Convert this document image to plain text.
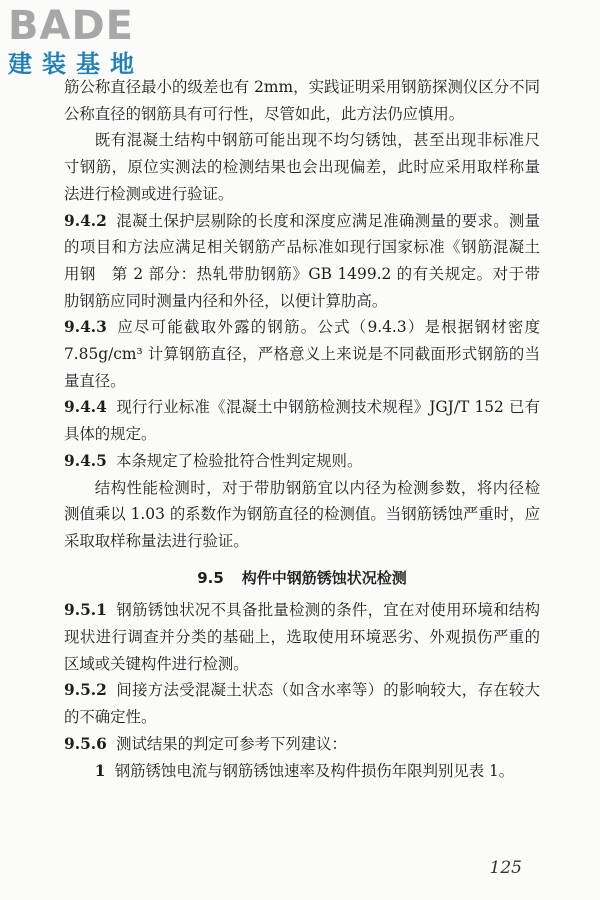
BADE
建装基地

筋公称直径最小的级差也有 2mm，实践证明采用钢筋探测仪区分不同公称直径的钢筋具有可行性，尽管如此，此方法仍应慎用。

既有混凝土结构中钢筋可能出现不均匀锈蚀，甚至出现非标准尺寸钢筋，原位实测法的检测结果也会出现偏差，此时应采用取样称量法进行检测或进行验证。

9.4.2 混凝土保护层剔除的长度和深度应满足准确测量的要求。测量的项目和方法应满足相关钢筋产品标准如现行国家标准《钢筋混凝土用钢　第 2 部分：热轧带肋钢筋》GB 1499.2 的有关规定。对于带肋钢筋应同时测量内径和外径，以便计算肋高。

9.4.3 应尽可能截取外露的钢筋。公式（9.4.3）是根据钢材密度 7.85g/cm³ 计算钢筋直径，严格意义上来说是不同截面形式钢筋的当量直径。

9.4.4 现行行业标准《混凝土中钢筋检测技术规程》JGJ/T 152 已有具体的规定。

9.4.5 本条规定了检验批符合性判定规则。

结构性能检测时，对于带肋钢筋宜以内径为检测参数，将内径检测值乘以 1.03 的系数作为钢筋直径的检测值。当钢筋锈蚀严重时，应采取取样称量法进行验证。

9.5 构件中钢筋锈蚀状况检测

9.5.1 钢筋锈蚀状况不具备批量检测的条件，宜在对使用环境和结构现状进行调查并分类的基础上，选取使用环境恶劣、外观损伤严重的区域或关键构件进行检测。

9.5.2 间接方法受混凝土状态（如含水率等）的影响较大，存在较大的不确定性。

9.5.6 测试结果的判定可参考下列建议：

1 钢筋锈蚀电流与钢筋锈蚀速率及构件损伤年限判别见表 1。

125
